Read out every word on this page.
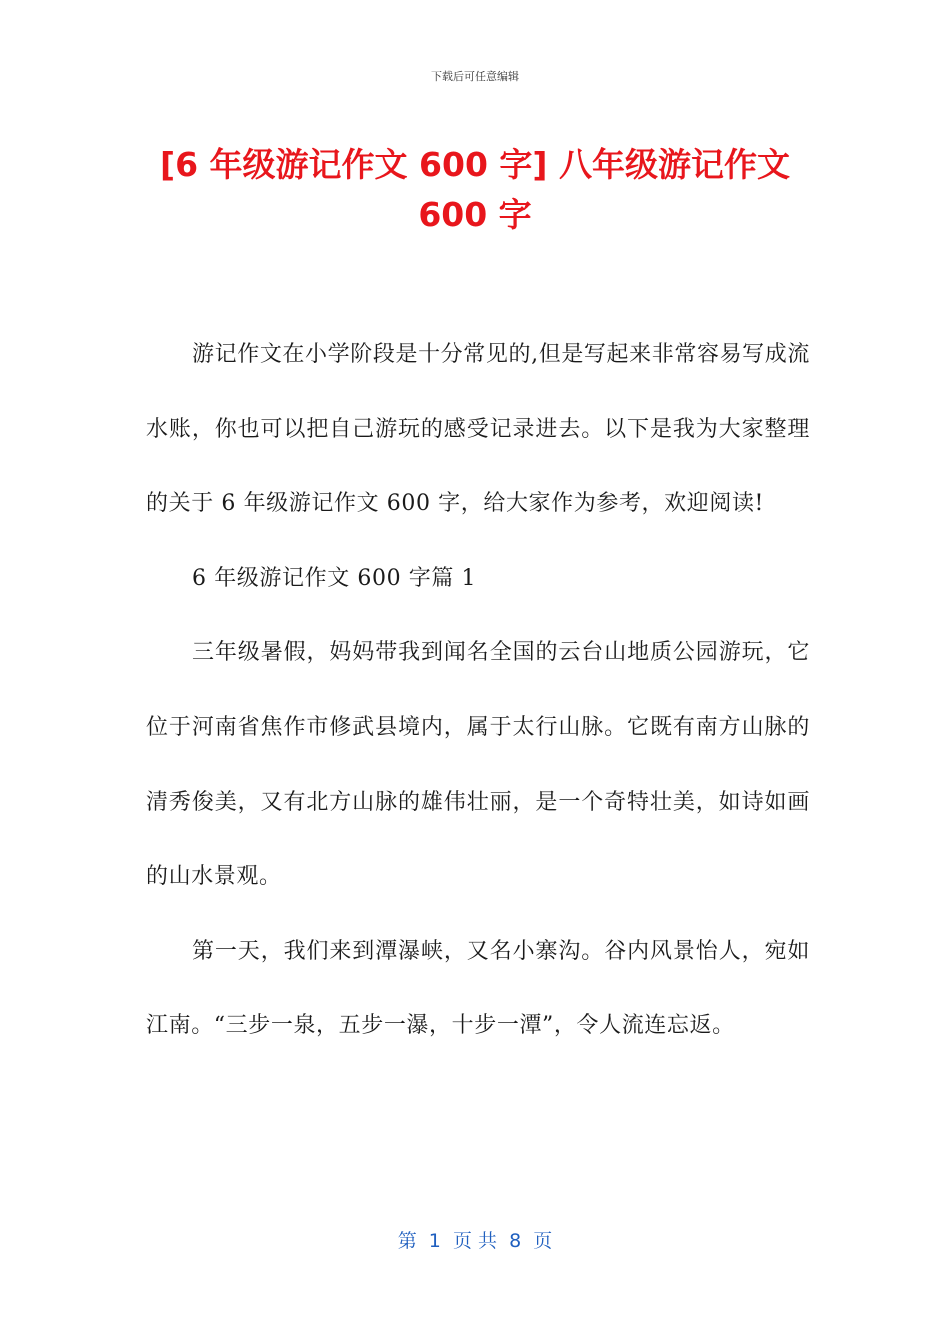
下载后可任意编辑
[6 年级游记作文 600 字] 八年级游记作文
600 字

游记作文在小学阶段是十分常见的,但是写起来非常容易写成流水账，你也可以把自己游玩的感受记录进去。以下是我为大家整理的关于 6 年级游记作文 600 字，给大家作为参考，欢迎阅读!

6 年级游记作文 600 字篇 1

三年级暑假，妈妈带我到闻名全国的云台山地质公园游玩，它位于河南省焦作市修武县境内，属于太行山脉。它既有南方山脉的清秀俊美，又有北方山脉的雄伟壮丽，是一个奇特壮美，如诗如画的山水景观。

第一天，我们来到潭瀑峡，又名小寨沟。谷内风景怡人，宛如江南。“三步一泉，五步一瀑，十步一潭”，令人流连忘返。

第  1  页 共  8  页
